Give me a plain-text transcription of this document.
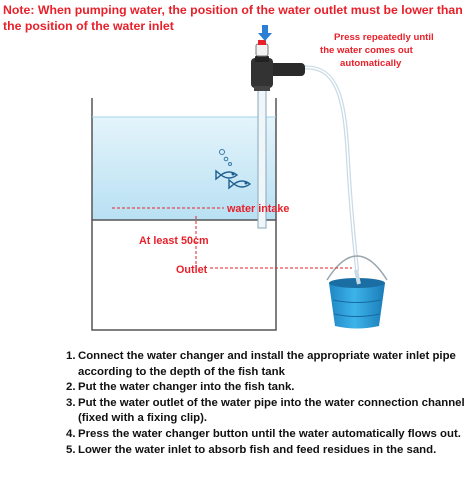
Note: When pumping water, the position of the water outlet must be lower than the position of the water inlet

water intake
At least 50cm
Outlet
Press repeatedly until
the water comes out
automatically
1. Connect the water changer and install the appropriate water inlet pipe according to the depth of the fish tank
2. Put the water changer into the fish tank.
3. Put the water outlet of the water pipe into the water connection channel (fixed with a fixing clip).
4. Press the water changer button until the water automatically flows out.
5. Lower the water inlet to absorb fish and feed residues in the sand.
